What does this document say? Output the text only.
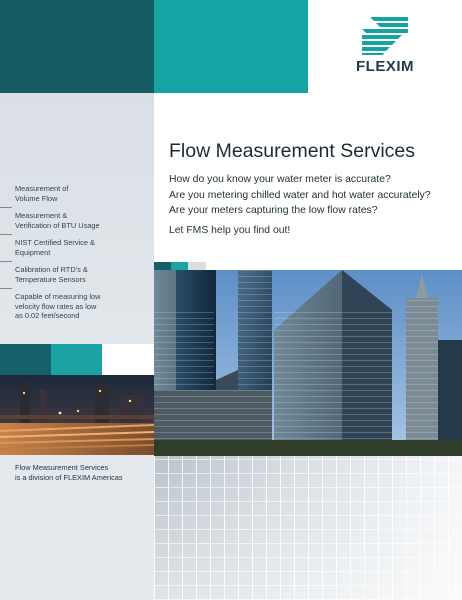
FLEXIM
Measurement of
Volume Flow
Measurement &
Verification of BTU Usage
NIST Certified Service &
Equipment
Calibration of RTD's &
Temperature Sensors
Capable of measuring low
velocity flow rates as low
as 0.02 feet/second
Flow Measurement Services
is a division of FLEXIM Americas
Flow Measurement Services
How do you know your water meter is accurate?
Are you metering chilled water and hot water accurately?
Are your meters capturing the low flow rates?
Let FMS help you find out!
